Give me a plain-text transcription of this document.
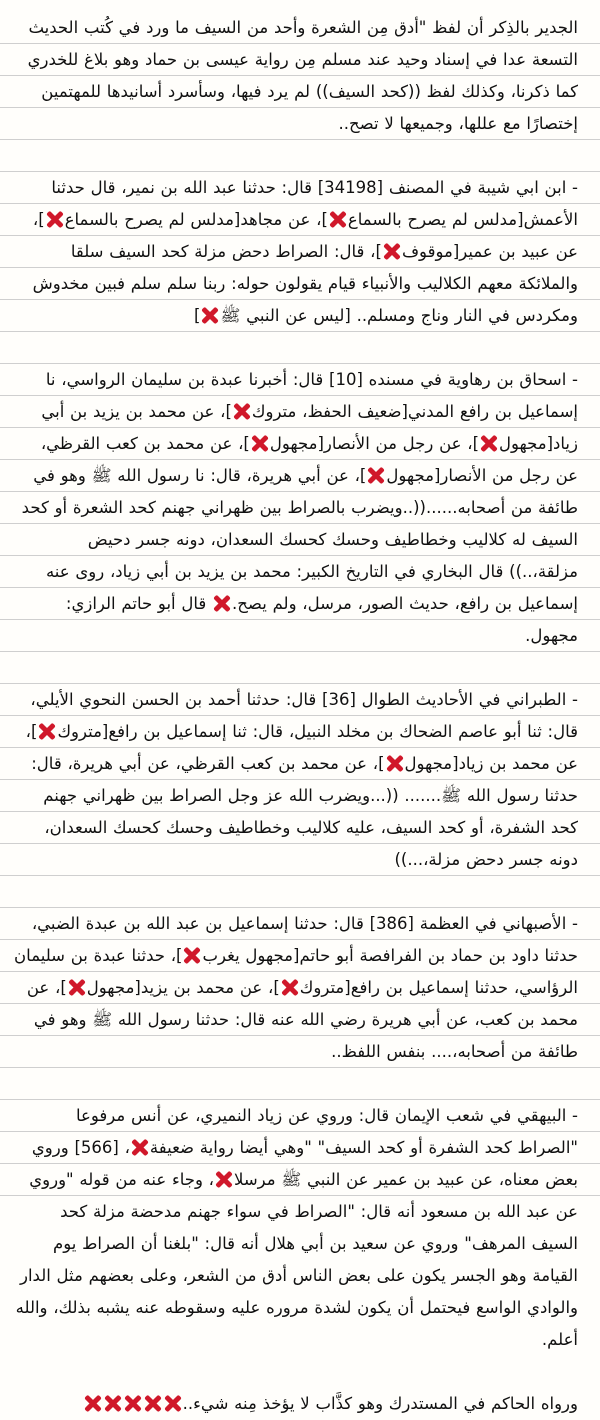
الجدير بالذِكر أن لفظ "أدق مِن الشعرة وأحد من السيف ما ورد في كُتب الحديث التسعة عدا في إسناد وحيد عند مسلم مِن رواية عيسى بن حماد وهو بلاغ للخدري كما ذكرنا، وكذلك لفظ ((كحد السيف)) لم يرد فيها، وسأسرد أسانيدها للمهتمين إختصارًا مع عللها، وجميعها لا تصح..

- ابن ابي شيبة في المصنف [34198] قال: حدثنا عبد الله بن نمير، قال حدثنا الأعمش[مدلس لم يصرح بالسماع]، عن مجاهد[مدلس لم يصرح بالسماع]، عن عبيد بن عمير[موقوف]، قال: الصراط دحض مزلة كحد السيف سلقا والملائكة معهم الكلاليب والأنبياء قيام يقولون حوله: ربنا سلم سلم فبين مخدوش ومكردس في النار وناج ومسلم.. [ليس عن النبي ﷺ]

- اسحاق بن رهاوية في مسنده [10] قال: أخبرنا عبدة بن سليمان الرواسي، نا إسماعيل بن رافع المدني[ضعيف الحفظ، متروك]، عن محمد بن يزيد بن أبي زياد[مجهول]، عن رجل من الأنصار[مجهول]، عن محمد بن كعب القرظي، عن رجل من الأنصار[مجهول]، عن أبي هريرة، قال: نا رسول الله ﷺ وهو في طائفة من أصحابه......((..ويضرب بالصراط بين ظهراني جهنم كحد الشعرة أو كحد السيف له كلاليب وخطاطيف وحسك كحسك السعدان، دونه جسر دحيض مزلقة،..)) قال البخاري في التاريخ الكبير: محمد بن يزيد بن أبي زياد، روى عنه إسماعيل بن رافع، حديث الصور، مرسل، ولم يصح. قال أبو حاتم الرازي: مجهول.

- الطبراني في الأحاديث الطوال [36] قال: حدثنا أحمد بن الحسن النحوي الأيلي، قال: ثنا أبو عاصم الضحاك بن مخلد النبيل، قال: ثنا إسماعيل بن رافع[متروك]، عن محمد بن زياد[مجهول]، عن محمد بن كعب القرظي، عن أبي هريرة، قال: حدثنا رسول الله ﷺ....... ((...ويضرب الله عز وجل الصراط بين ظهراني جهنم كحد الشفرة، أو كحد السيف، عليه كلاليب وخطاطيف وحسك كحسك السعدان، دونه جسر دحض مزلة،...))

- الأصبهاني في العظمة [386] قال: حدثنا إسماعيل بن عبد الله بن عبدة الضبي، حدثنا داود بن حماد بن الفرافصة أبو حاتم[مجهول يغرب]، حدثنا عبدة بن سليمان الرؤاسي، حدثنا إسماعيل بن رافع[متروك]، عن محمد بن يزيد[مجهول]، عن محمد بن كعب، عن أبي هريرة رضي الله عنه قال: حدثنا رسول الله ﷺ وهو في طائفة من أصحابه،.... بنفس اللفظ..

- البيهقي في شعب الإيمان قال: وروي عن زياد النميري، عن أنس مرفوعا "الصراط كحد الشفرة أو كحد السيف" "وهي أيضا رواية ضعيفة، [566] وروي بعض معناه، عن عبيد بن عمير عن النبي ﷺ مرسلا، وجاء عنه من قوله "وروي عن عبد الله بن مسعود أنه قال: "الصراط في سواء جهنم مدحضة مزلة كحد السيف المرهف" وروي عن سعيد بن أبي هلال أنه قال: "بلغنا أن الصراط يوم القيامة وهو الجسر يكون على بعض الناس أدق من الشعر، وعلى بعضهم مثل الدار والوادي الواسع فيحتمل أن يكون لشدة مروره عليه وسقوطه عنه يشبه بذلك، والله أعلم.

ورواه الحاكم في المستدرك وهو كذَّاب لا يؤخذ مِنه شيء..
